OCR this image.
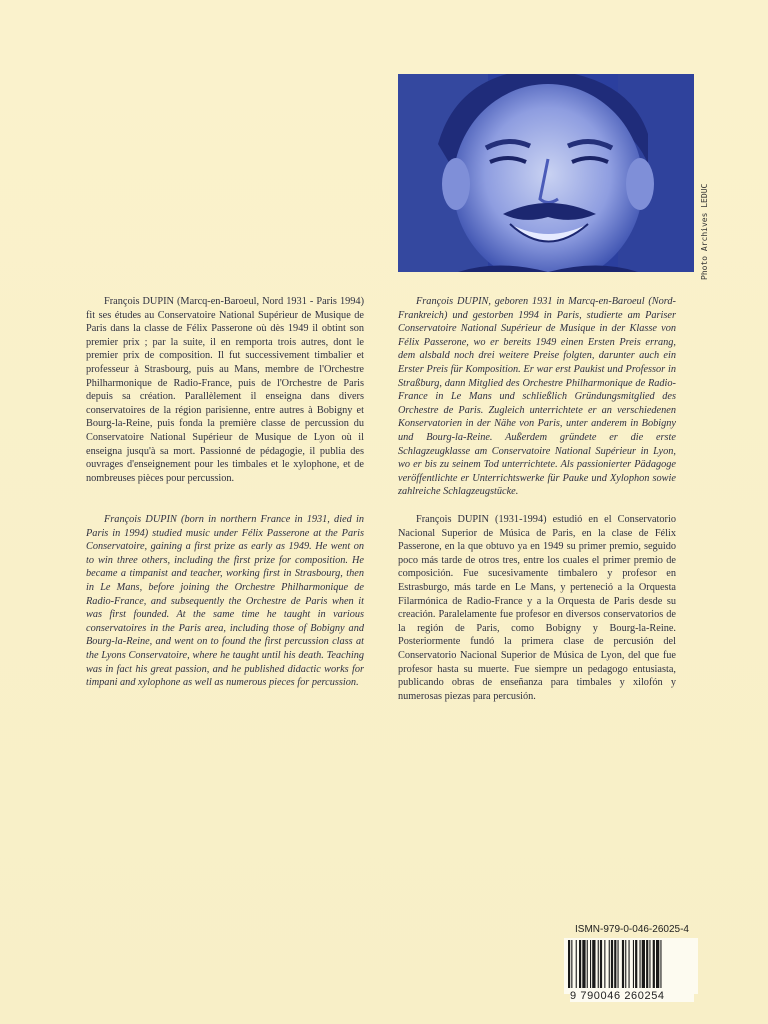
Photo Archives LEDUC

François DUPIN (Marcq-en-Baroeul, Nord 1931 - Paris 1994) fit ses études au Conservatoire National Supérieur de Musique de Paris dans la classe de Félix Passerone où dès 1949 il obtint son premier prix ; par la suite, il en remporta trois autres, dont le premier prix de composition. Il fut successivement timbalier et professeur à Strasbourg, puis au Mans, membre de l'Orchestre Philharmonique de Radio-France, puis de l'Orchestre de Paris depuis sa création. Parallèlement il enseigna dans divers conservatoires de la région parisienne, entre autres à Bobigny et Bourg-la-Reine, puis fonda la première classe de percussion du Conservatoire National Supérieur de Musique de Lyon où il enseigna jusqu'à sa mort. Passionné de pédagogie, il publia des ouvrages d'enseignement pour les timbales et le xylophone, et de nombreuses pièces pour percussion.

François DUPIN (born in northern France in 1931, died in Paris in 1994) studied music under Félix Passerone at the Paris Conservatoire, gaining a first prize as early as 1949. He went on to win three others, including the first prize for composition. He became a timpanist and teacher, working first in Strasbourg, then in Le Mans, before joining the Orchestre Philharmonique de Radio-France, and subsequently the Orchestre de Paris when it was first founded. At the same time he taught in various conservatoires in the Paris area, including those of Bobigny and Bourg-la-Reine, and went on to found the first percussion class at the Lyons Conservatoire, where he taught until his death. Teaching was in fact his great passion, and he published didactic works for timpani and xylophone as well as numerous pieces for percussion.

François DUPIN, geboren 1931 in Marcq-en-Baroeul (Nord-Frankreich) und gestorben 1994 in Paris, studierte am Pariser Conservatoire National Supérieur de Musique in der Klasse von Félix Passerone, wo er bereits 1949 einen Ersten Preis errang, dem alsbald noch drei weitere Preise folgten, darunter auch ein Erster Preis für Komposition. Er war erst Paukist und Professor in Straßburg, dann Mitglied des Orchestre Philharmonique de Radio-France in Le Mans und schließlich Gründungsmitglied des Orchestre de Paris. Zugleich unterrichtete er an verschiedenen Konservatorien in der Nähe von Paris, unter anderem in Bobigny und Bourg-la-Reine. Außerdem gründete er die erste Schlagzeugklasse am Conservatoire National Supérieur in Lyon, wo er bis zu seinem Tod unterrichtete. Als passionierter Pädagoge veröffentlichte er Unterrichtswerke für Pauke und Xylophon sowie zahlreiche Schlagzeugstücke.

François DUPIN (1931-1994) estudió en el Conservatorio Nacional Superior de Música de Paris, en la clase de Félix Passerone, en la que obtuvo ya en 1949 su primer premio, seguido poco más tarde de otros tres, entre los cuales el primer premio de composición. Fue sucesivamente timbalero y profesor en Estrasburgo, más tarde en Le Mans, y perteneció a la Orquesta Filarmónica de Radio-France y a la Orquesta de Paris desde su creación. Paralelamente fue profesor en diversos conservatorios de la región de Paris, como Bobigny y Bourg-la-Reine. Posteriormente fundó la primera clase de percusión del Conservatorio Nacional Superior de Música de Lyon, del que fue profesor hasta su muerte. Fue siempre un pedagogo entusiasta, publicando obras de enseñanza para timbales y xilofón y numerosas piezas para percusión.

ISMN-979-0-046-26025-4
9 790046 260254
